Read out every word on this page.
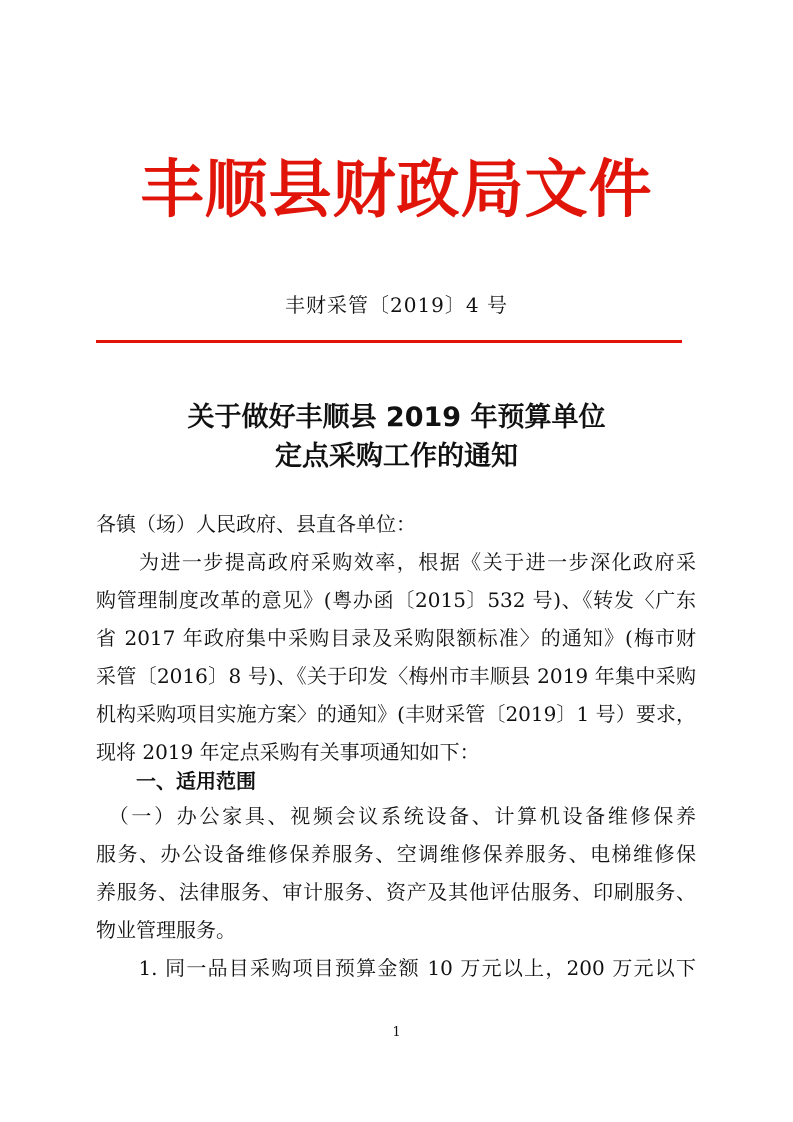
丰顺县财政局文件
丰财采管〔2019〕4 号
关于做好丰顺县 2019 年预算单位
定点采购工作的通知
各镇（场）人民政府、县直各单位：
　　为进一步提高政府采购效率，根据《关于进一步深化政府采
购管理制度改革的意见》(粤办函〔2015〕532 号)、《转发〈广东
省 2017 年政府集中采购目录及采购限额标准〉的通知》(梅市财
采管〔2016〕8 号)、《关于印发〈梅州市丰顺县 2019 年集中采购
机构采购项目实施方案〉的通知》(丰财采管〔2019〕1 号）要求，
现将 2019 年定点采购有关事项通知如下：
　　一、适用范围
　（一）办公家具、视频会议系统设备、计算机设备维修保养
服务、办公设备维修保养服务、空调维修保养服务、电梯维修保
养服务、法律服务、审计服务、资产及其他评估服务、印刷服务、
物业管理服务。
　　1. 同一品目采购项目预算金额 10 万元以上，200 万元以下
1
